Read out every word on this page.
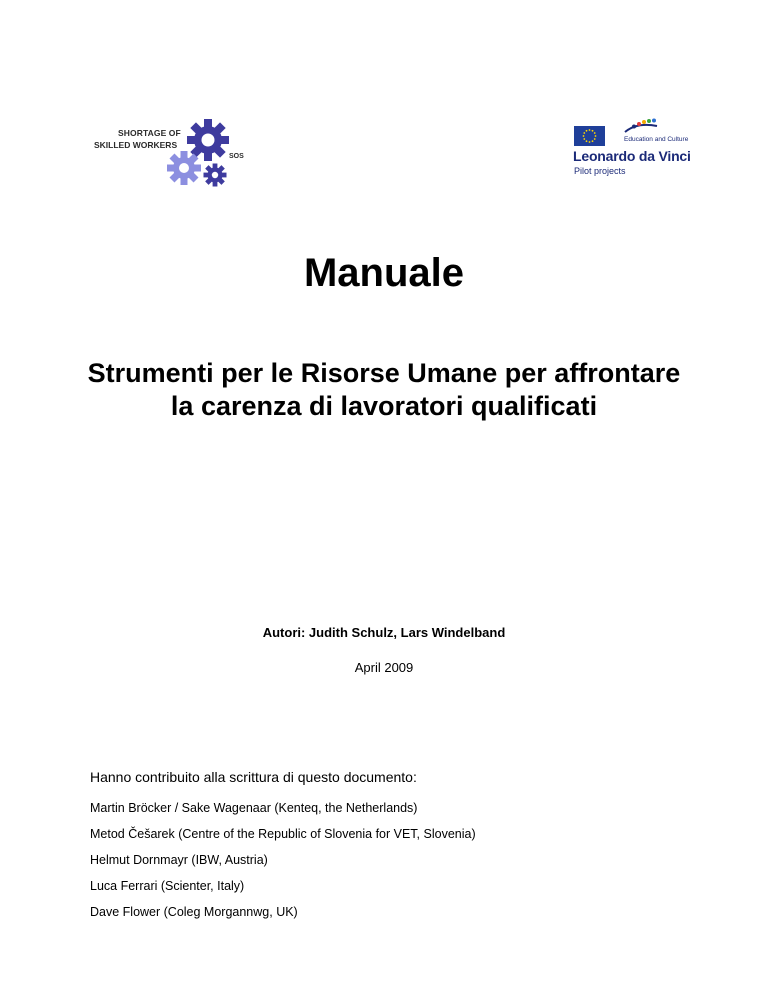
SHORTAGE OF
SKILLED WORKERS
SOS
Education and Culture
Leonardo da Vinci
Pilot projects
Manuale
Strumenti per le Risorse Umane per affrontare la carenza di lavoratori qualificati
Autori: Judith Schulz, Lars Windelband
April 2009
Hanno contribuito alla scrittura di questo documento:
Martin Bröcker / Sake Wagenaar (Kenteq, the Netherlands)
Metod Češarek (Centre of the Republic of Slovenia for VET, Slovenia)
Helmut Dornmayr (IBW, Austria)
Luca Ferrari (Scienter, Italy)
Dave Flower (Coleg Morgannwg, UK)
